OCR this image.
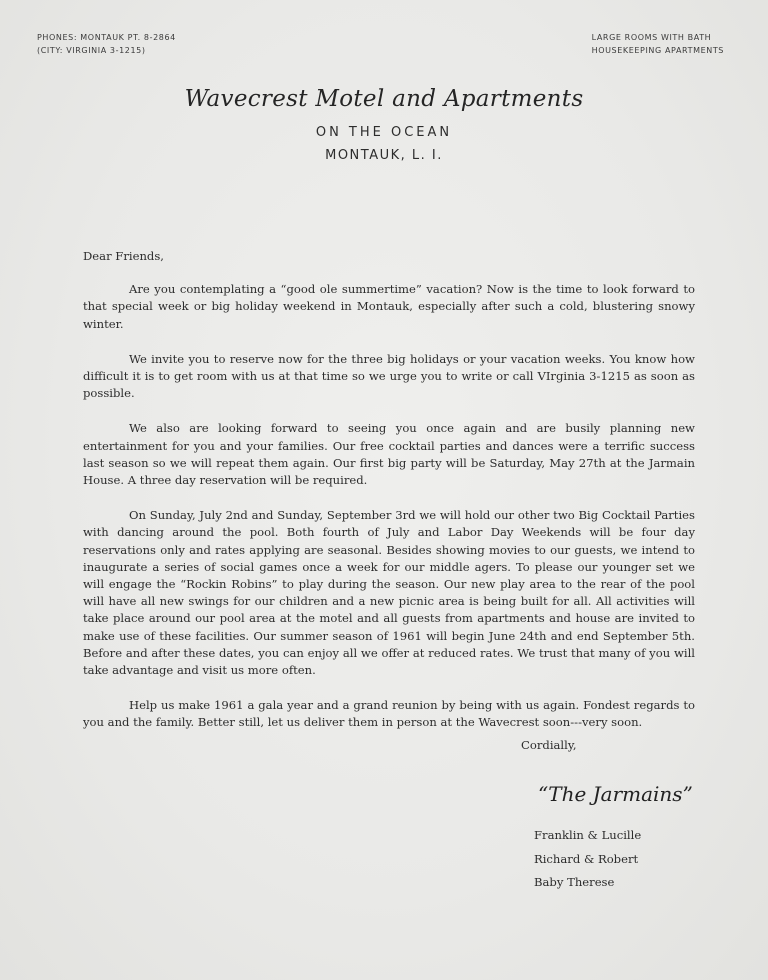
PHONES: MONTAUK PT. 8-2864
(CITY: VIRGINIA 3-1215)
LARGE ROOMS WITH BATH
HOUSEKEEPING APARTMENTS
Wavecrest Motel and Apartments
ON THE OCEAN
MONTAUK, L. I.

Dear Friends,

Are you contemplating a “good ole summertime” vacation? Now is the time to look forward to that special week or big holiday weekend in Montauk, especially after such a cold, blustering snowy winter.

We invite you to reserve now for the three big holidays or your vacation weeks. You know how difficult it is to get room with us at that time so we urge you to write or call VIrginia 3-1215 as soon as possible.

We also are looking forward to seeing you once again and are busily planning new entertainment for you and your families. Our free cocktail parties and dances were a terrific success last season so we will repeat them again. Our first big party will be Saturday, May 27th at the Jarmain House. A three day reservation will be required.

On Sunday, July 2nd and Sunday, September 3rd we will hold our other two Big Cocktail Parties with dancing around the pool. Both fourth of July and Labor Day Weekends will be four day reservations only and rates applying are seasonal. Besides showing movies to our guests, we intend to inaugurate a series of social games once a week for our middle agers. To please our younger set we will engage the “Rockin Robins” to play during the season. Our new play area to the rear of the pool will have all new swings for our children and a new picnic area is being built for all. All activities will take place around our pool area at the motel and all guests from apartments and house are invited to make use of these facilities. Our summer season of 1961 will begin June 24th and end September 5th. Before and after these dates, you can enjoy all we offer at reduced rates. We trust that many of you will take advantage and visit us more often.

Help us make 1961 a gala year and a grand reunion by being with us again. Fondest regards to you and the family. Better still, let us deliver them in person at the Wavecrest soon---very soon.

Cordially,
“The Jarmains”
Franklin & Lucille
Richard & Robert
Baby Therese
